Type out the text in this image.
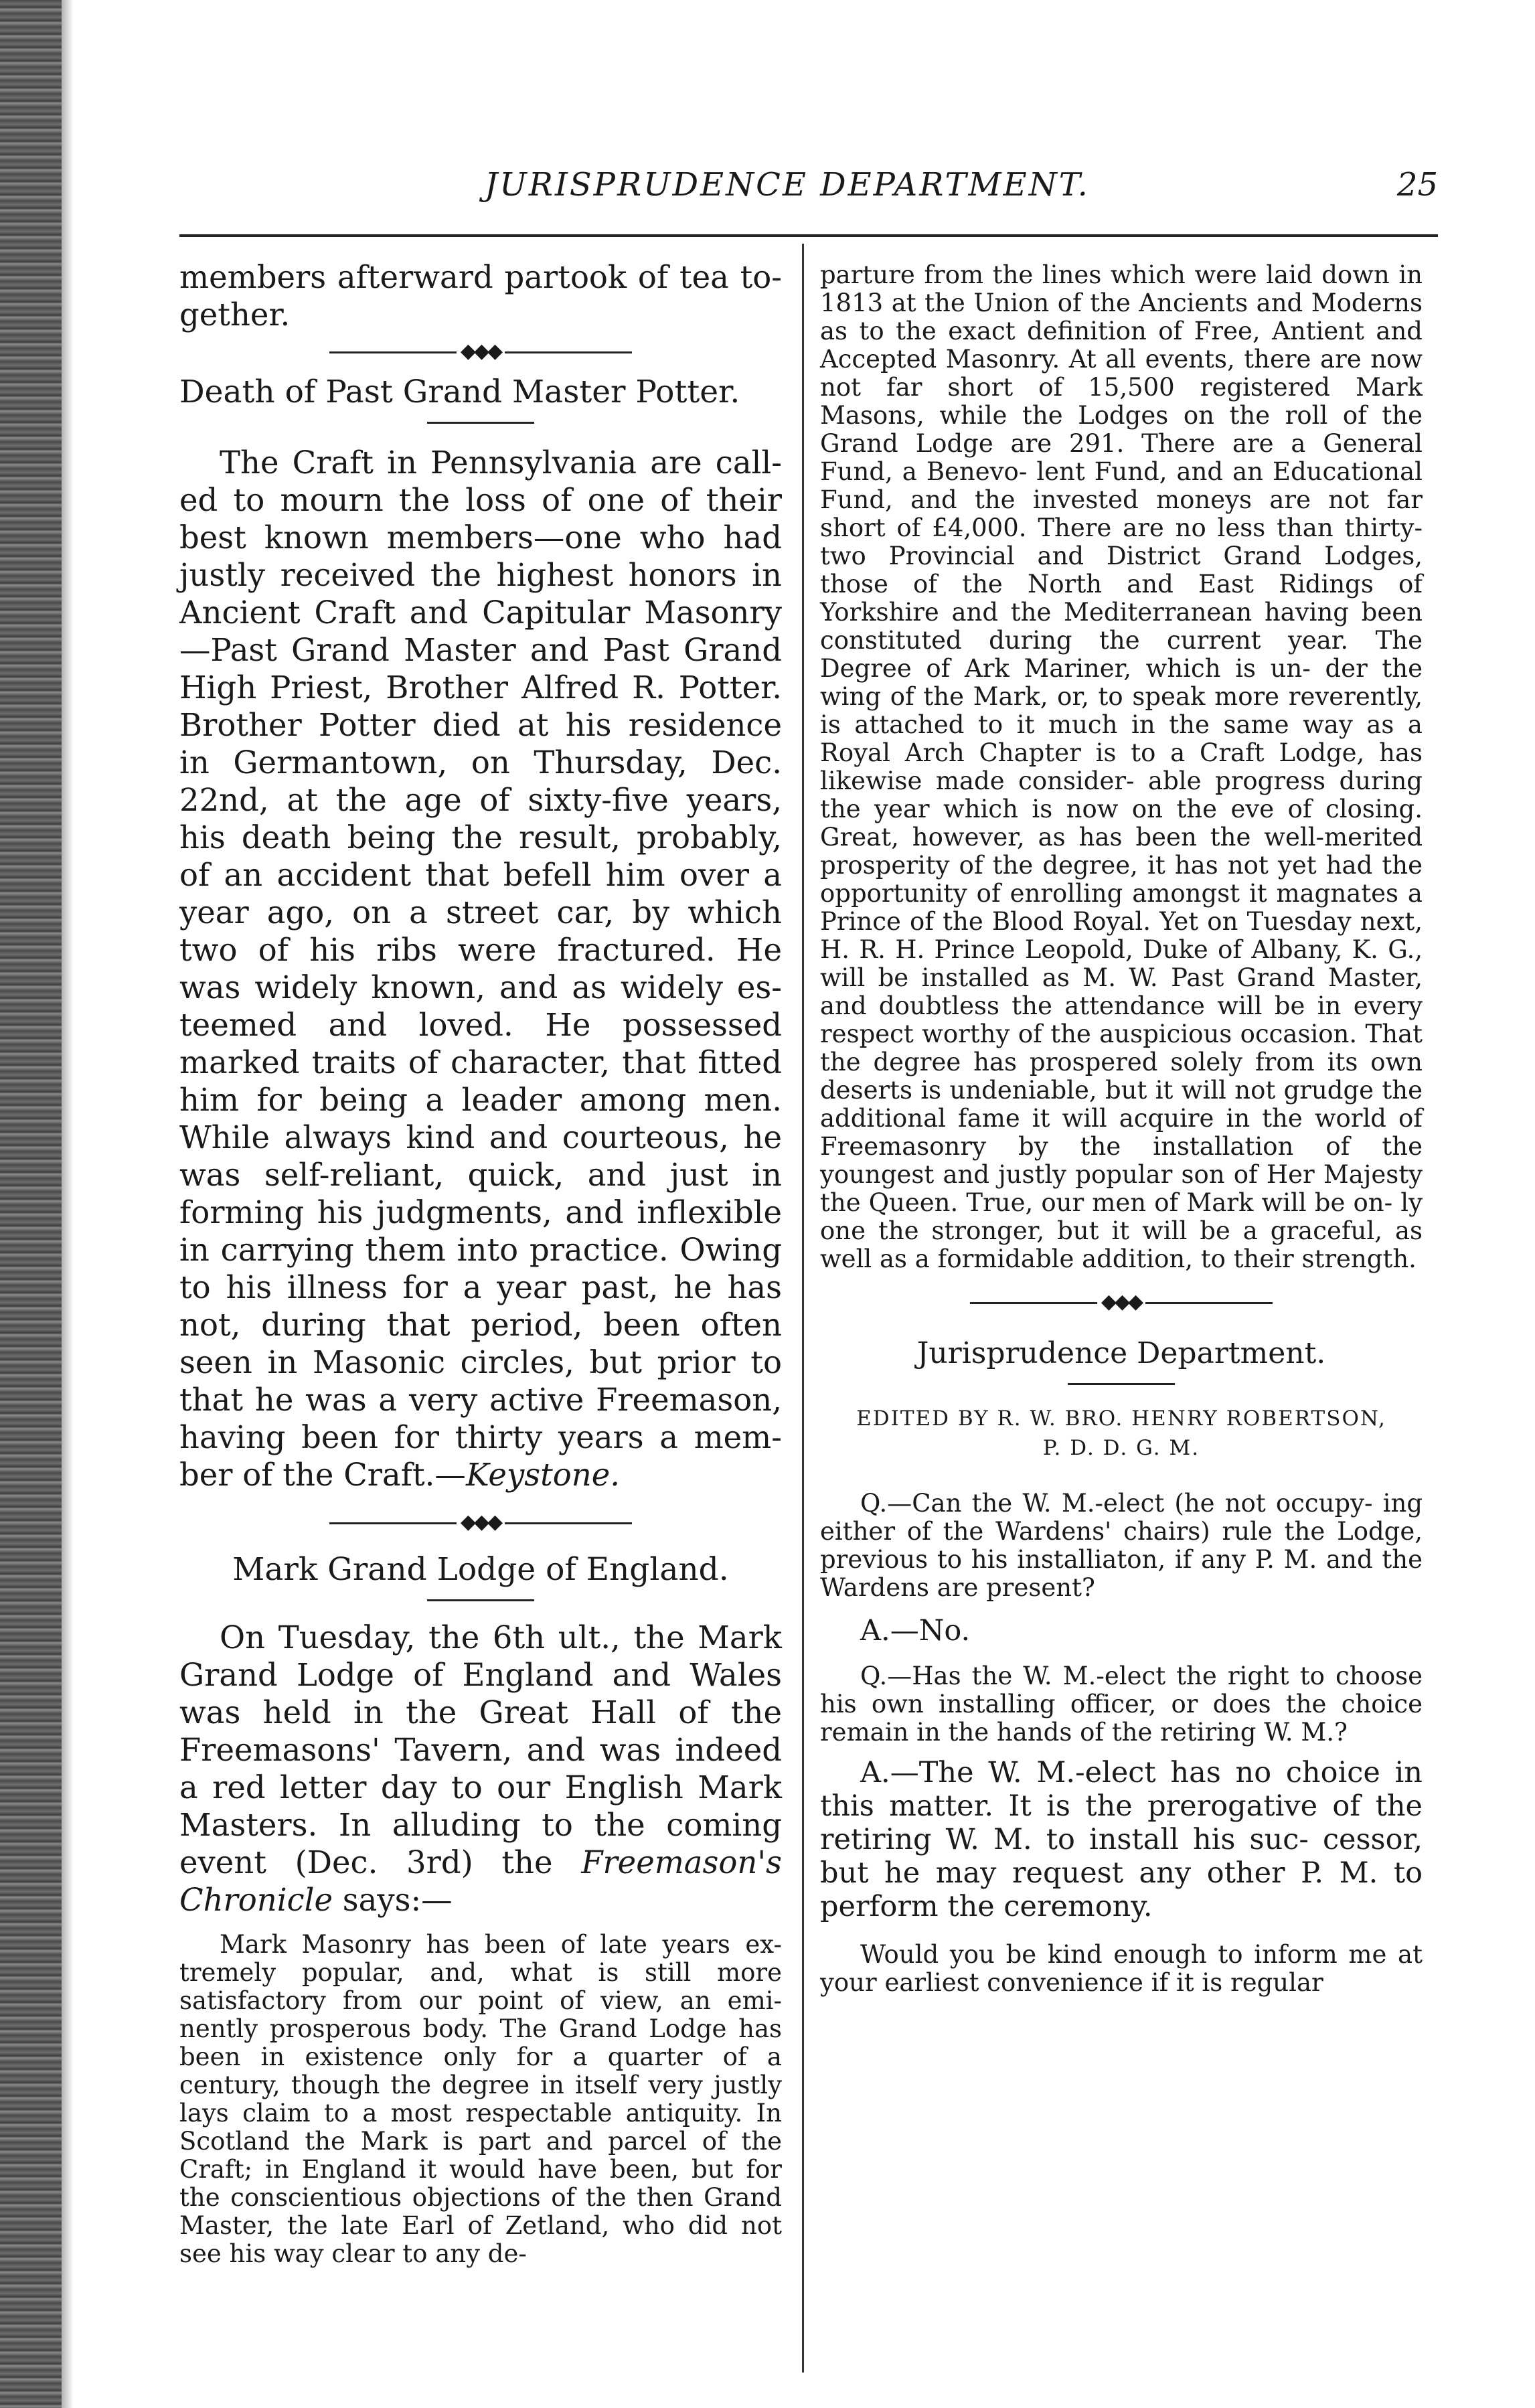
JURISPRUDENCE DEPARTMENT.	25

members afterward partook of tea to- gether.

◆◆◆

Death of Past Grand Master Potter.

The Craft in Pennsylvania are call- ed to mourn the loss of one of their best known members—one who had justly received the highest honors in Ancient Craft and Capitular Masonry —Past Grand Master and Past Grand High Priest, Brother Alfred R. Potter. Brother Potter died at his residence in Germantown, on Thursday, Dec. 22nd, at the age of sixty-five years, his death being the result, probably, of an accident that befell him over a year ago, on a street car, by which two of his ribs were fractured. He was widely known, and as widely es- teemed and loved. He possessed marked traits of character, that fitted him for being a leader among men. While always kind and courteous, he was self-reliant, quick, and just in forming his judgments, and inflexible in carrying them into practice. Owing to his illness for a year past, he has not, during that period, been often seen in Masonic circles, but prior to that he was a very active Freemason, having been for thirty years a mem- ber of the Craft.—Keystone.

◆◆◆

Mark Grand Lodge of England.

On Tuesday, the 6th ult., the Mark Grand Lodge of England and Wales was held in the Great Hall of the Freemasons' Tavern, and was indeed a red letter day to our English Mark Masters. In alluding to the coming event (Dec. 3rd) the Freemason's Chronicle says:—

Mark Masonry has been of late years ex- tremely popular, and, what is still more satisfactory from our point of view, an emi- nently prosperous body. The Grand Lodge has been in existence only for a quarter of a century, though the degree in itself very justly lays claim to a most respectable antiquity. In Scotland the Mark is part and parcel of the Craft; in England it would have been, but for the conscientious objections of the then Grand Master, the late Earl of Zetland, who did not see his way clear to any de-

parture from the lines which were laid down in 1813 at the Union of the Ancients and Moderns as to the exact definition of Free, Antient and Accepted Masonry. At all events, there are now not far short of 15,500 registered Mark Masons, while the Lodges on the roll of the Grand Lodge are 291. There are a General Fund, a Benevo- lent Fund, and an Educational Fund, and the invested moneys are not far short of £4,000. There are no less than thirty-two Provincial and District Grand Lodges, those of the North and East Ridings of Yorkshire and the Mediterranean having been constituted during the current year. The Degree of Ark Mariner, which is un- der the wing of the Mark, or, to speak more reverently, is attached to it much in the same way as a Royal Arch Chapter is to a Craft Lodge, has likewise made consider- able progress during the year which is now on the eve of closing. Great, however, as has been the well-merited prosperity of the degree, it has not yet had the opportunity of enrolling amongst it magnates a Prince of the Blood Royal. Yet on Tuesday next, H. R. H. Prince Leopold, Duke of Albany, K. G., will be installed as M. W. Past Grand Master, and doubtless the attendance will be in every respect worthy of the auspicious occasion. That the degree has prospered solely from its own deserts is undeniable, but it will not grudge the additional fame it will acquire in the world of Freemasonry by the installation of the youngest and justly popular son of Her Majesty the Queen. True, our men of Mark will be on- ly one the stronger, but it will be a graceful, as well as a formidable addition, to their strength.

◆◆◆

Jurisprudence Department.

EDITED BY R. W. BRO. HENRY ROBERTSON,

P. D. D. G. M.

Q.—Can the W. M.-elect (he not occupy- ing either of the Wardens' chairs) rule the Lodge, previous to his installiaton, if any P. M. and the Wardens are present?

A.—No.

Q.—Has the W. M.-elect the right to choose his own installing officer, or does the choice remain in the hands of the retiring W. M.?

A.—The W. M.-elect has no choice in this matter. It is the prerogative of the retiring W. M. to install his suc- cessor, but he may request any other P. M. to perform the ceremony.

Would you be kind enough to inform me at your earliest convenience if it is regular
